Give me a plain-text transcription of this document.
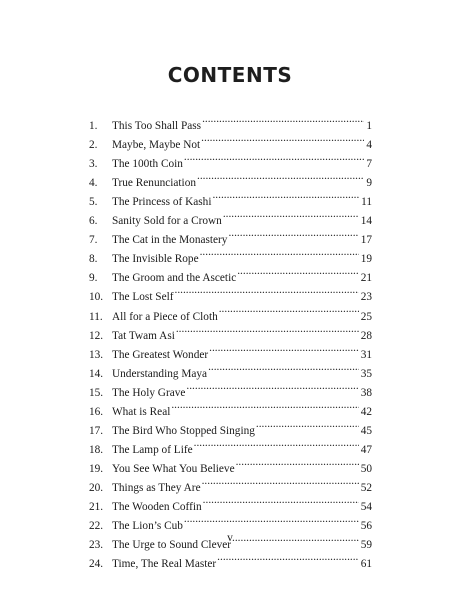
CONTENTS
1.	This Too Shall Pass .....	1
2.	Maybe, Maybe Not .....	4
3.	The 100th Coin .....	7
4.	True Renunciation .....	9
5.	The Princess of Kashi .....	11
6.	Sanity Sold for a Crown .....	14
7.	The Cat in the Monastery .....	17
8.	The Invisible Rope .....	19
9.	The Groom and the Ascetic .....	21
10. The Lost Self .....	23
11. All for a Piece of Cloth .....	25
12. Tat Twam Asi .....	28
13. The Greatest Wonder .....	31
14. Understanding Maya .....	35
15. The Holy Grave .....	38
16. What is Real .....	42
17. The Bird Who Stopped Singing .....	45
18. The Lamp of Life .....	47
19. You See What You Believe .....	50
20. Things as They Are .....	52
21. The Wooden Coffin .....	54
22. The Lion’s Cub .....	56
23. The Urge to Sound Clever .....	59
24. Time, The Real Master .....	61
v
